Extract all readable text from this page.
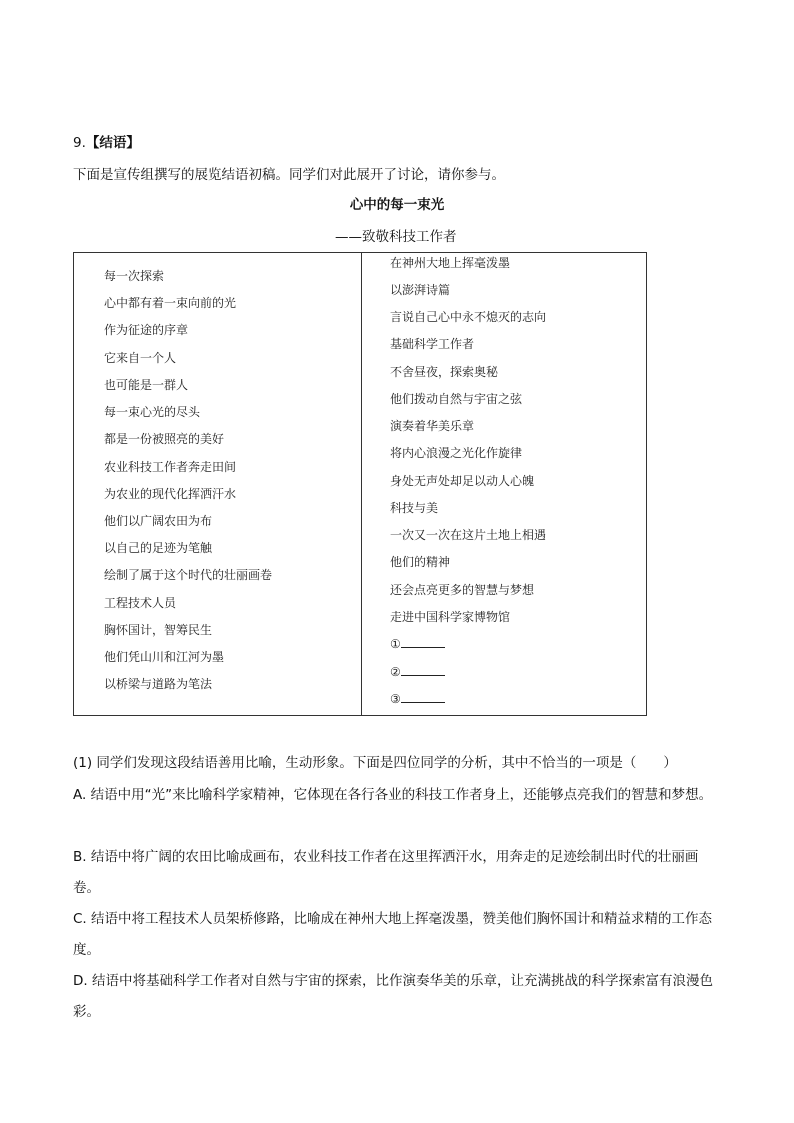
9.【结语】
下面是宣传组撰写的展览结语初稿。同学们对此展开了讨论，请你参与。
心中的每一束光
——致敬科技工作者
每一次探索
心中都有着一束向前的光
作为征途的序章
它来自一个人
也可能是一群人
每一束心光的尽头
都是一份被照亮的美好
农业科技工作者奔走田间
为农业的现代化挥洒汗水
他们以广阔农田为布
以自己的足迹为笔触
绘制了属于这个时代的壮丽画卷
工程技术人员
胸怀国计，智筹民生
他们凭山川和江河为墨
以桥梁与道路为笔法
在神州大地上挥毫泼墨
以澎湃诗篇
言说自己心中永不熄灭的志向
基础科学工作者
不舍昼夜，探索奥秘
他们拨动自然与宇宙之弦
演奏着华美乐章
将内心浪漫之光化作旋律
身处无声处却足以动人心魄
科技与美
一次又一次在这片土地上相遇
他们的精神
还会点亮更多的智慧与梦想
走进中国科学家博物馆
①
②
③
(1) 同学们发现这段结语善用比喻，生动形象。下面是四位同学的分析，其中不恰当的一项是（　　）
A. 结语中用“光”来比喻科学家精神，它体现在各行各业的科技工作者身上，还能够点亮我们的智慧和梦想。
B. 结语中将广阔的农田比喻成画布，农业科技工作者在这里挥洒汗水，用奔走的足迹绘制出时代的壮丽画卷。
C. 结语中将工程技术人员架桥修路，比喻成在神州大地上挥毫泼墨，赞美他们胸怀国计和精益求精的工作态度。
D. 结语中将基础科学工作者对自然与宇宙的探索，比作演奏华美的乐章，让充满挑战的科学探索富有浪漫色彩。
